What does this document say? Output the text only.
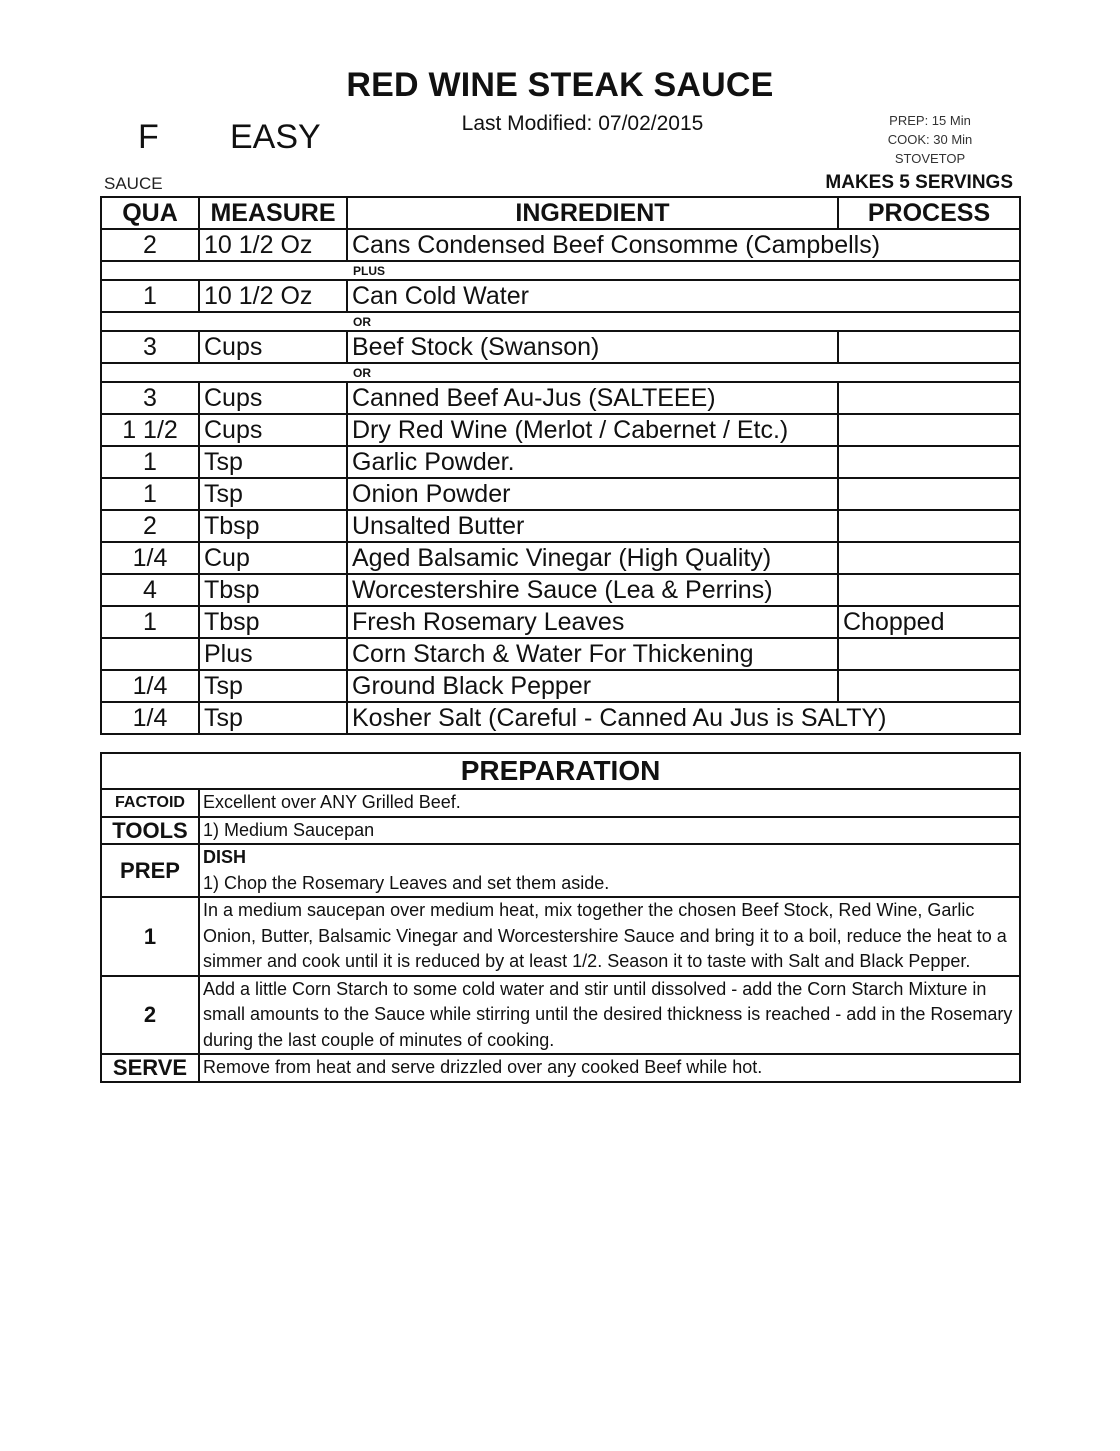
RED WINE STEAK SAUCE
Last Modified: 07/02/2015
F EASY	PREP: 15 Min
COOK: 30 Min
STOVETOP
SAUCE	MAKES 5 SERVINGS
QUA	MEASURE	INGREDIENT	PROCESS
2	10 1/2 Oz	Cans Condensed Beef Consomme (Campbells)	
PLUS			
1	10 1/2 Oz	Can Cold Water	
OR			
3	Cups	Beef Stock (Swanson)	
OR			
3	Cups	Canned Beef Au-Jus (SALTEEE)	
1 1/2	Cups	Dry Red Wine (Merlot / Cabernet / Etc.)	
1	Tsp	Garlic Powder.	
1	Tsp	Onion Powder	
2	Tbsp	Unsalted Butter	
1/4	Cup	Aged Balsamic Vinegar (High Quality)	
4	Tbsp	Worcestershire Sauce (Lea & Perrins)	
1	Tbsp	Fresh Rosemary Leaves	Chopped
	Plus	Corn Starch & Water For Thickening	
1/4	Tsp	Ground Black Pepper	
1/4	Tsp	Kosher Salt (Careful - Canned Au Jus is SALTY)	
PREPARATION	
FACTOID	Excellent over ANY Grilled Beef.
TOOLS	1) Medium Saucepan
PREP	DISH
1) Chop the Rosemary Leaves and set them aside.
1	In a medium saucepan over medium heat, mix together the chosen Beef Stock, Red Wine, Garlic Onion, Butter, Balsamic Vinegar and Worcestershire Sauce and bring it to a boil, reduce the heat to a simmer and cook until it is reduced by at least 1/2. Season it to taste with Salt and Black Pepper.
2	Add a little Corn Starch to some cold water and stir until dissolved - add the Corn Starch Mixture in small amounts to the Sauce while stirring until the desired thickness is reached - add in the Rosemary during the last couple of minutes of cooking.
SERVE	Remove from heat and serve drizzled over any cooked Beef while hot.
